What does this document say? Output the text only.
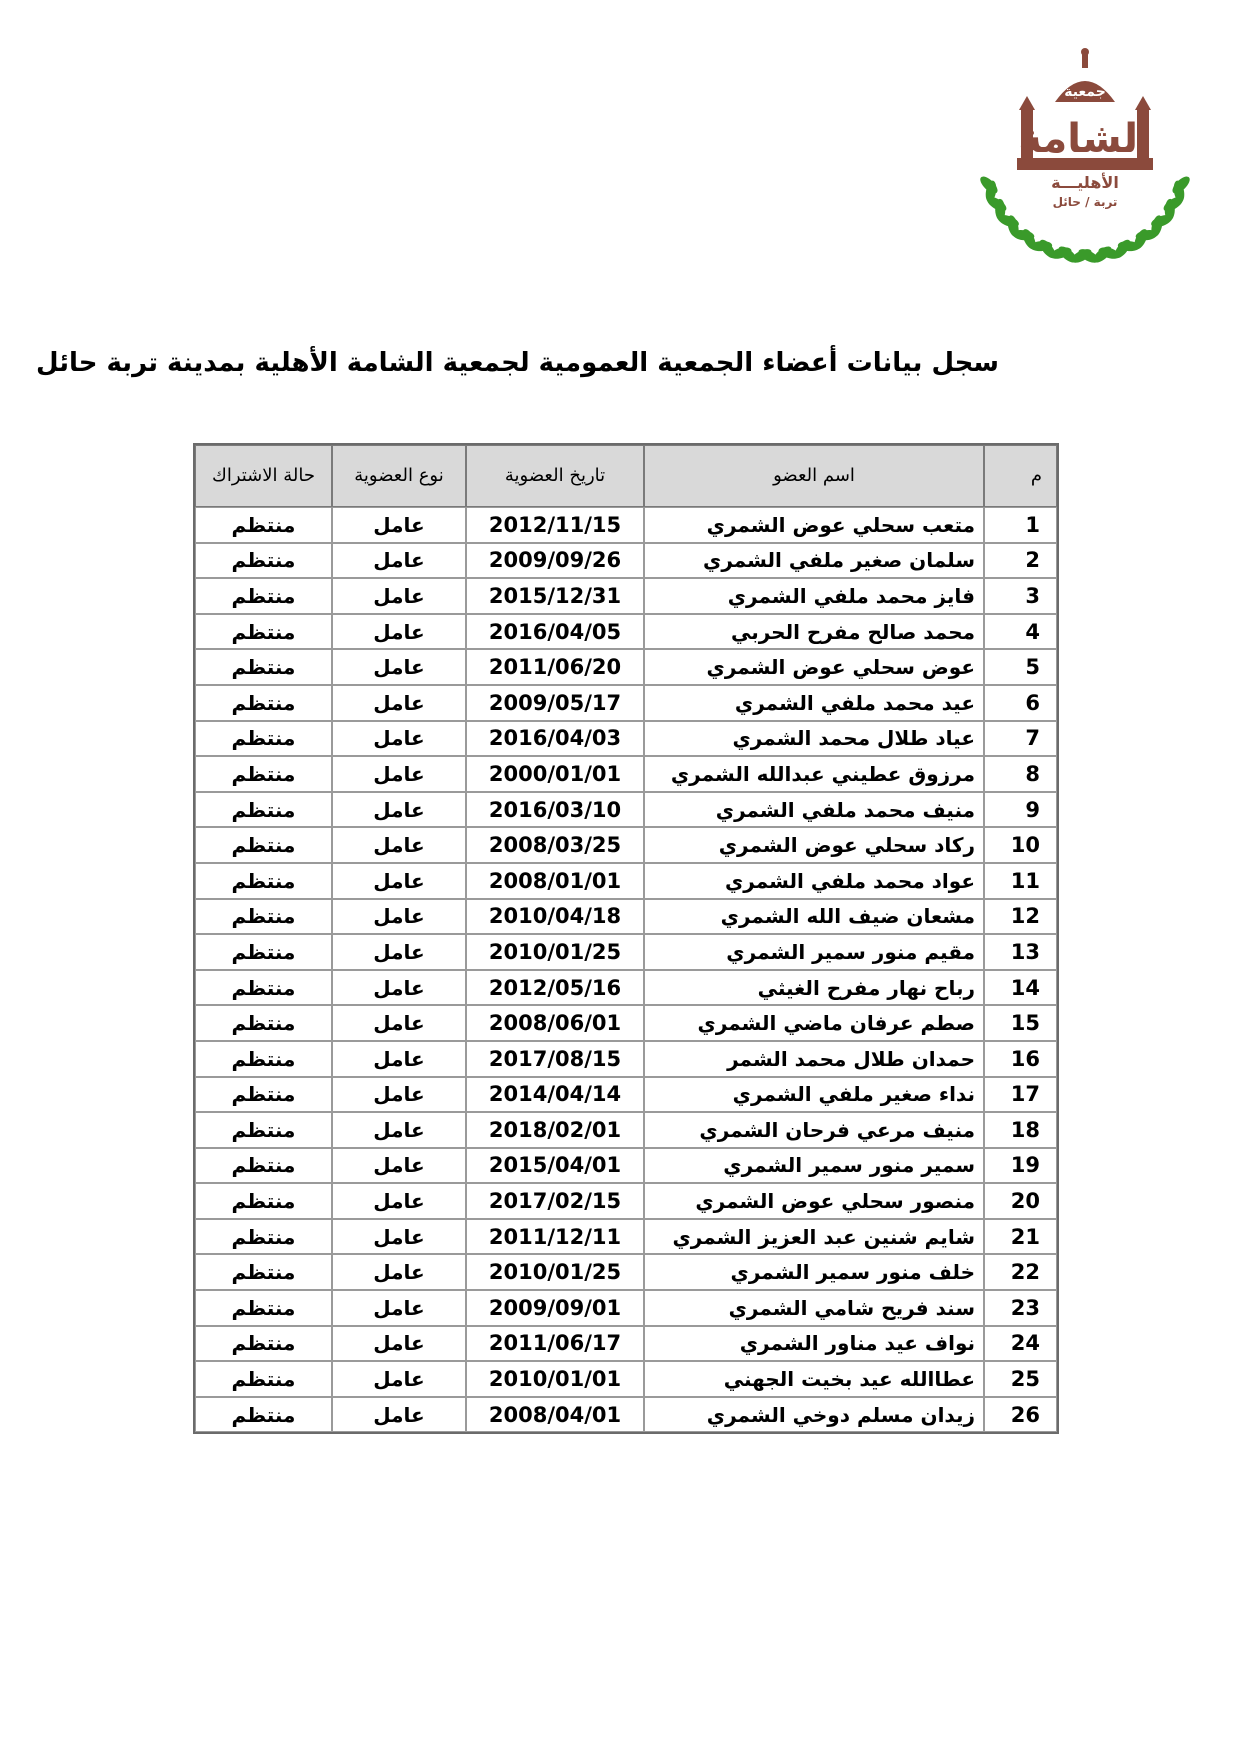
جمعية
الشامة
الأهليـــة
تربة / حائل
سجل بيانات أعضاء الجمعية العمومية لجمعية الشامة الأهلية بمدينة تربة حائل
م	اسم العضو	تاريخ العضوية	نوع العضوية	حالة الاشتراك
1	متعب سحلي عوض الشمري	2012/11/15	عامل	منتظم
2	سلمان صغير ملفي الشمري	2009/09/26	عامل	منتظم
3	فايز محمد ملفي الشمري	2015/12/31	عامل	منتظم
4	محمد صالح مفرح الحربي	2016/04/05	عامل	منتظم
5	عوض سحلي عوض الشمري	2011/06/20	عامل	منتظم
6	عيد محمد ملفي الشمري	2009/05/17	عامل	منتظم
7	عياد طلال محمد الشمري	2016/04/03	عامل	منتظم
8	مرزوق عطيني عبدالله الشمري	2000/01/01	عامل	منتظم
9	منيف محمد ملفي الشمري	2016/03/10	عامل	منتظم
10	ركاد سحلي عوض الشمري	2008/03/25	عامل	منتظم
11	عواد محمد ملفي الشمري	2008/01/01	عامل	منتظم
12	مشعان ضيف الله الشمري	2010/04/18	عامل	منتظم
13	مقيم منور سمير الشمري	2010/01/25	عامل	منتظم
14	رباح نهار مفرح الغيثي	2012/05/16	عامل	منتظم
15	صطم عرفان ماضي الشمري	2008/06/01	عامل	منتظم
16	حمدان طلال محمد الشمر	2017/08/15	عامل	منتظم
17	نداء صغير ملفي الشمري	2014/04/14	عامل	منتظم
18	منيف مرعي فرحان الشمري	2018/02/01	عامل	منتظم
19	سمير منور سمير الشمري	2015/04/01	عامل	منتظم
20	منصور سحلي عوض الشمري	2017/02/15	عامل	منتظم
21	شايم شنين عبد العزيز الشمري	2011/12/11	عامل	منتظم
22	خلف منور سمير الشمري	2010/01/25	عامل	منتظم
23	سند فريح شامي الشمري	2009/09/01	عامل	منتظم
24	نواف عيد مناور الشمري	2011/06/17	عامل	منتظم
25	عطاالله عيد بخيت الجهني	2010/01/01	عامل	منتظم
26	زيدان مسلم دوخي الشمري	2008/04/01	عامل	منتظم
